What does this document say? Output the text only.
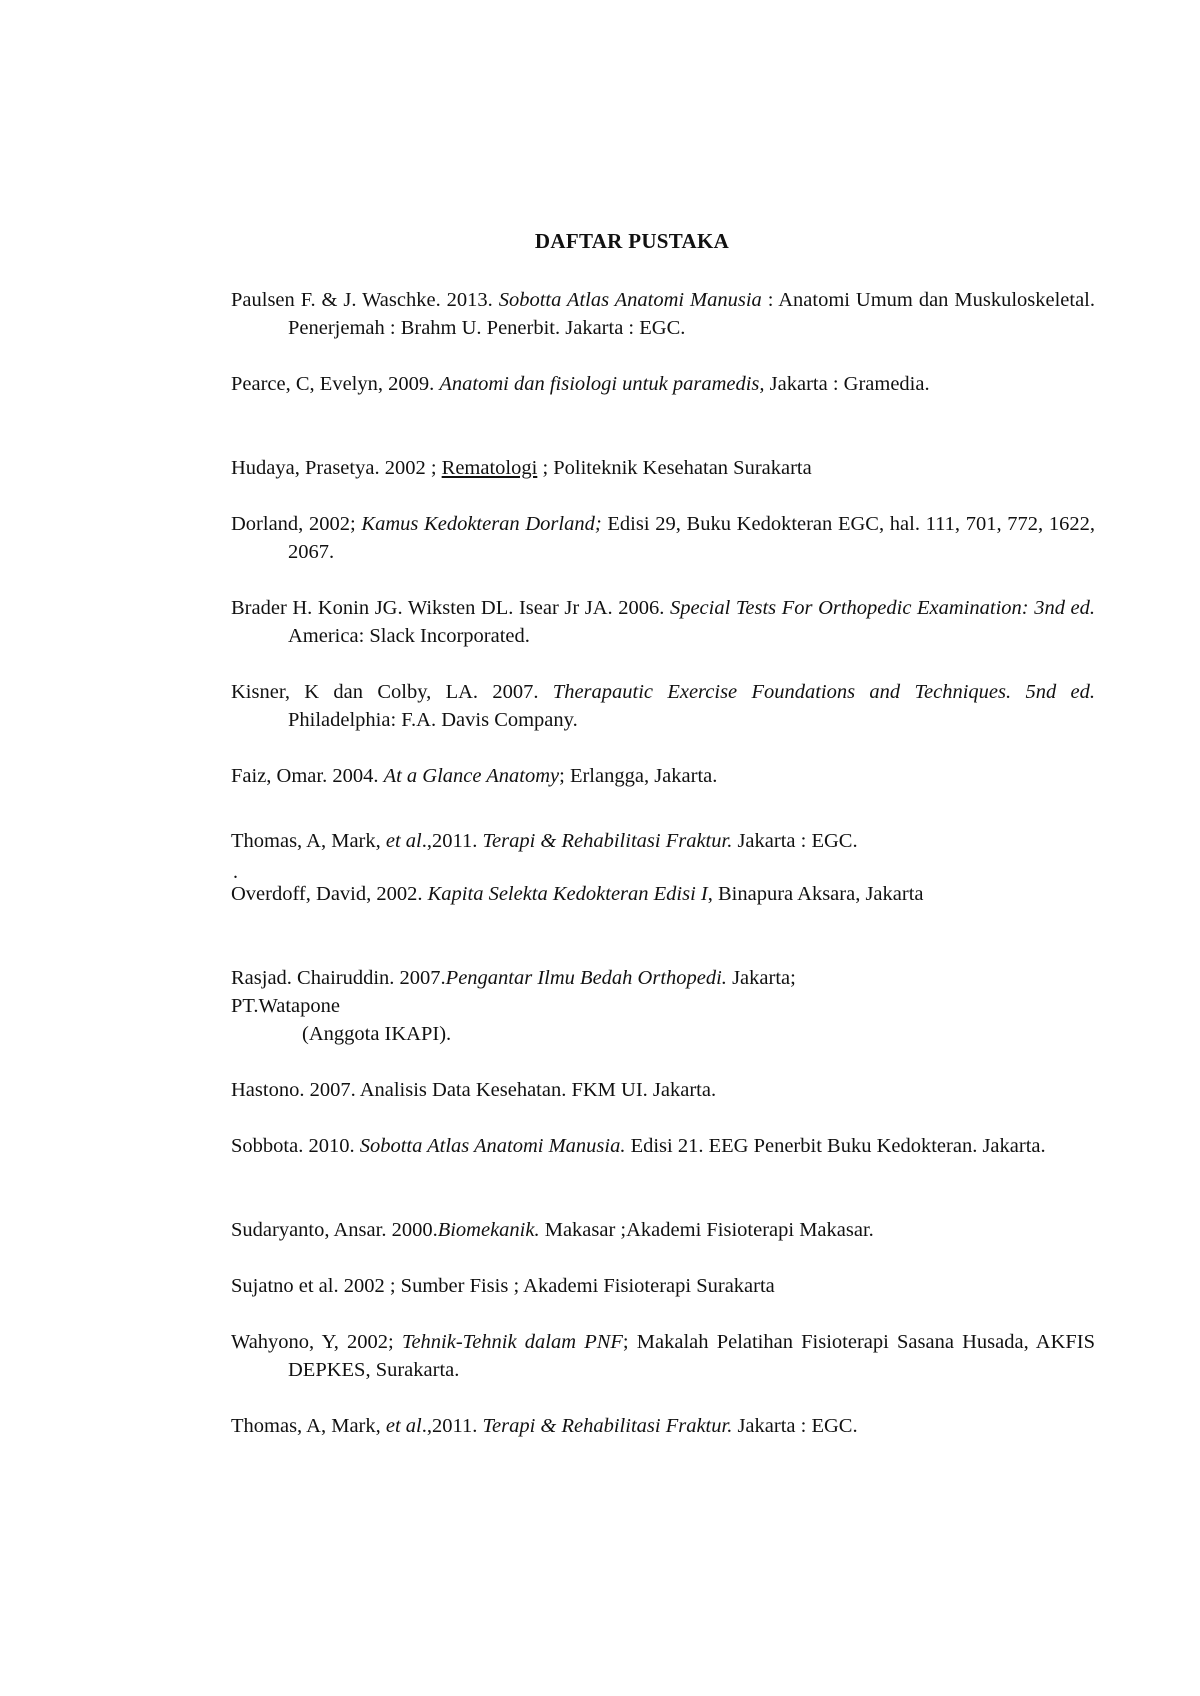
DAFTAR PUSTAKA

Paulsen F. & J. Waschke. 2013. Sobotta Atlas Anatomi Manusia : Anatomi Umum dan Muskuloskeletal. Penerjemah : Brahm U. Penerbit. Jakarta : EGC.

Pearce, C, Evelyn, 2009. Anatomi dan fisiologi untuk paramedis, Jakarta : Gramedia.

Hudaya, Prasetya. 2002 ; Rematologi ; Politeknik Kesehatan Surakarta

Dorland, 2002; Kamus Kedokteran Dorland; Edisi 29, Buku Kedokteran EGC, hal. 111, 701, 772, 1622, 2067.

Brader H. Konin JG. Wiksten DL. Isear Jr JA. 2006. Special Tests For Orthopedic Examination: 3nd ed. America: Slack Incorporated.

Kisner, K dan Colby, LA. 2007. Therapautic Exercise Foundations and Techniques. 5nd ed. Philadelphia: F.A. Davis Company.

Faiz, Omar. 2004. At a Glance Anatomy; Erlangga, Jakarta.

Thomas, A, Mark, et al.,2011. Terapi & Rehabilitasi Fraktur. Jakarta : EGC.

.

Overdoff, David, 2002. Kapita Selekta Kedokteran Edisi I, Binapura Aksara, Jakarta

Rasjad. Chairuddin. 2007.Pengantar Ilmu Bedah Orthopedi. Jakarta;

PT.Watapone

(Anggota IKAPI).

Hastono. 2007. Analisis Data Kesehatan. FKM UI. Jakarta.

Sobbota. 2010. Sobotta Atlas Anatomi Manusia. Edisi 21. EEG Penerbit Buku Kedokteran. Jakarta.

Sudaryanto, Ansar. 2000.Biomekanik. Makasar ;Akademi Fisioterapi Makasar.

Sujatno et al. 2002 ; Sumber Fisis ; Akademi Fisioterapi Surakarta

Wahyono, Y, 2002; Tehnik-Tehnik dalam PNF; Makalah Pelatihan Fisioterapi Sasana Husada, AKFIS DEPKES, Surakarta.

Thomas, A, Mark, et al.,2011. Terapi & Rehabilitasi Fraktur. Jakarta : EGC.
